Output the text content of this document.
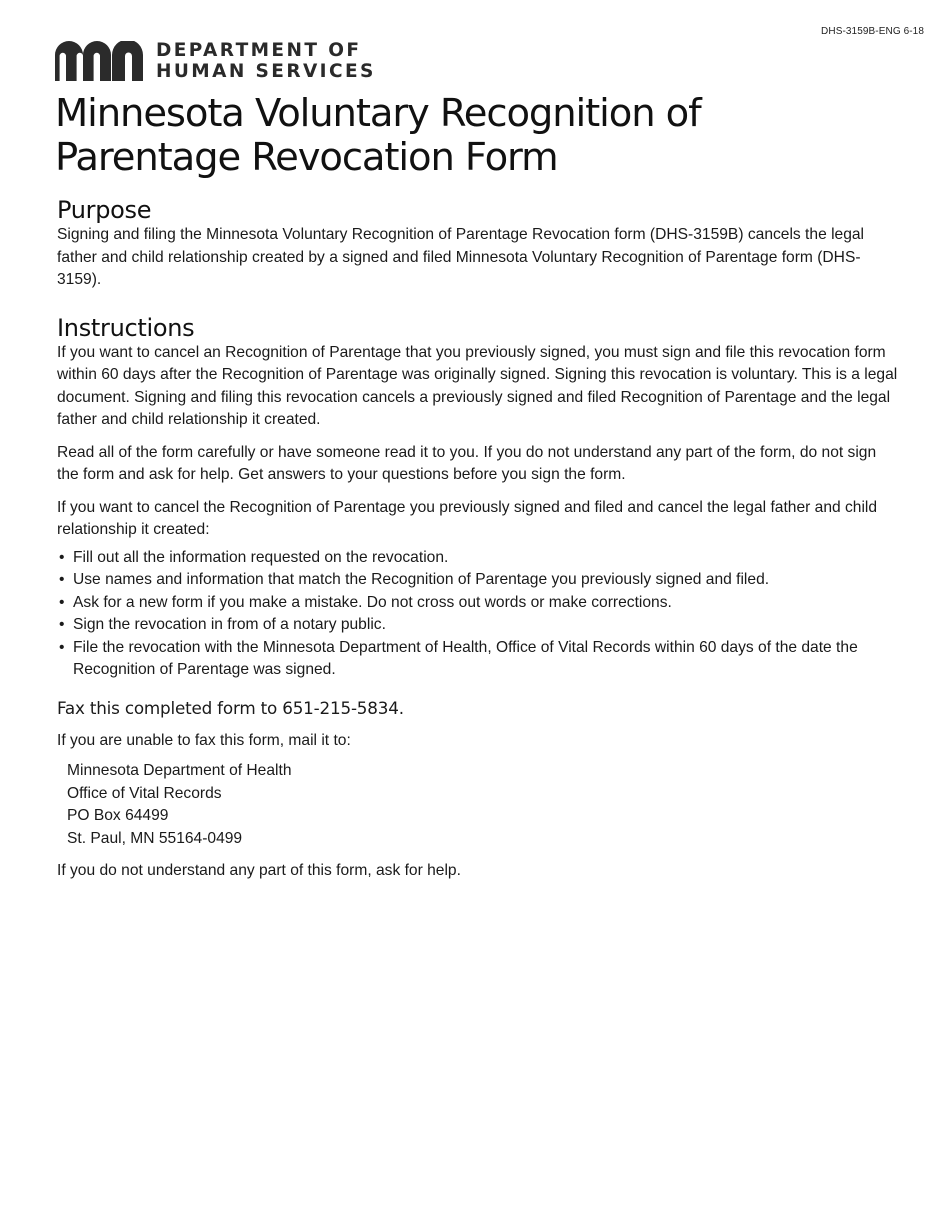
DHS-3159B-ENG 6-18
DEPARTMENT OF
HUMAN SERVICES
Minnesota Voluntary Recognition of
Parentage Revocation Form
Purpose

Signing and filing the Minnesota Voluntary Recognition of Parentage Revocation form (DHS-3159B) cancels the legal father and child relationship created by a signed and filed Minnesota Voluntary Recognition of Parentage form (DHS-3159).

Instructions

If you want to cancel an Recognition of Parentage that you previously signed, you must sign and file this revocation form within 60 days after the Recognition of Parentage was originally signed. Signing this revocation is voluntary. This is a legal document. Signing and filing this revocation cancels a previously signed and filed Recognition of Parentage and the legal father and child relationship it created.

Read all of the form carefully or have someone read it to you. If you do not understand any part of the form, do not sign the form and ask for help. Get answers to your questions before you sign the form.

If you want to cancel the Recognition of Parentage you previously signed and filed and cancel the legal father and child relationship it created:

• Fill out all the information requested on the revocation.
• Use names and information that match the Recognition of Parentage you previously signed and filed.
• Ask for a new form if you make a mistake. Do not cross out words or make corrections.
• Sign the revocation in from of a notary public.
• File the revocation with the Minnesota Department of Health, Office of Vital Records within 60 days of the date the Recognition of Parentage was signed.

Fax this completed form to 651-215-5834.

If you are unable to fax this form, mail it to:

Minnesota Department of Health
Office of Vital Records
PO Box 64499
St. Paul, MN 55164-0499

If you do not understand any part of this form, ask for help.
